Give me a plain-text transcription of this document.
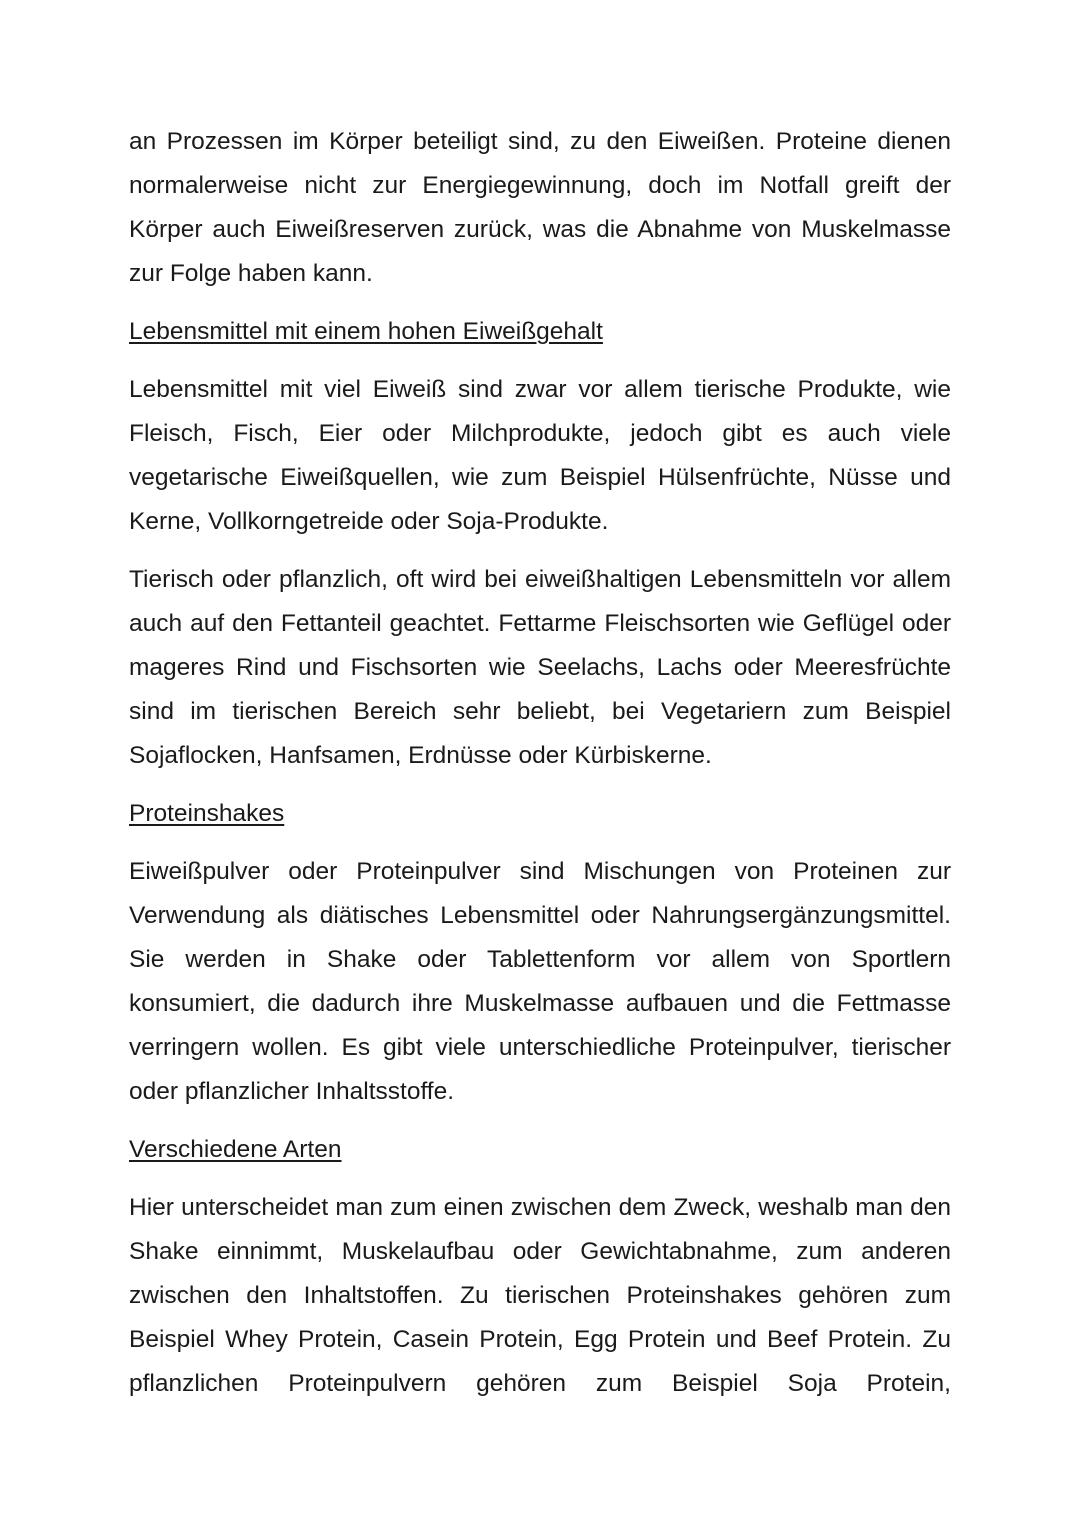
an Prozessen im Körper beteiligt sind, zu den Eiweißen. Proteine dienen normalerweise nicht zur Energiegewinnung, doch im Notfall greift der Körper auch Eiweißreserven zurück, was die Abnahme von Muskelmasse zur Folge haben kann.

Lebensmittel mit einem hohen Eiweißgehalt

Lebensmittel mit viel Eiweiß sind zwar vor allem tierische Produkte, wie Fleisch, Fisch, Eier oder Milchprodukte, jedoch gibt es auch viele vegetarische Eiweißquellen, wie zum Beispiel Hülsenfrüchte, Nüsse und Kerne, Vollkorngetreide oder Soja-Produkte.

Tierisch oder pflanzlich, oft wird bei eiweißhaltigen Lebensmitteln vor allem auch auf den Fettanteil geachtet. Fettarme Fleischsorten wie Geflügel oder mageres Rind und Fischsorten wie Seelachs, Lachs oder Meeresfrüchte sind im tierischen Bereich sehr beliebt, bei Vegetariern zum Beispiel Sojaflocken, Hanfsamen, Erdnüsse oder Kürbiskerne.

Proteinshakes

Eiweißpulver oder Proteinpulver sind Mischungen von Proteinen zur Verwendung als diätisches Lebensmittel oder Nahrungsergänzungsmittel. Sie werden in Shake oder Tablettenform vor allem von Sportlern konsumiert, die dadurch ihre Muskelmasse aufbauen und die Fettmasse verringern wollen. Es gibt viele unterschiedliche Proteinpulver, tierischer oder pflanzlicher Inhaltsstoffe.

Verschiedene Arten

Hier unterscheidet man zum einen zwischen dem Zweck, weshalb man den Shake einnimmt, Muskelaufbau oder Gewichtabnahme, zum anderen zwischen den Inhaltstoffen. Zu tierischen Proteinshakes gehören zum Beispiel Whey Protein, Casein Protein, Egg Protein und Beef Protein. Zu pflanzlichen Proteinpulvern gehören zum Beispiel Soja Protein,
